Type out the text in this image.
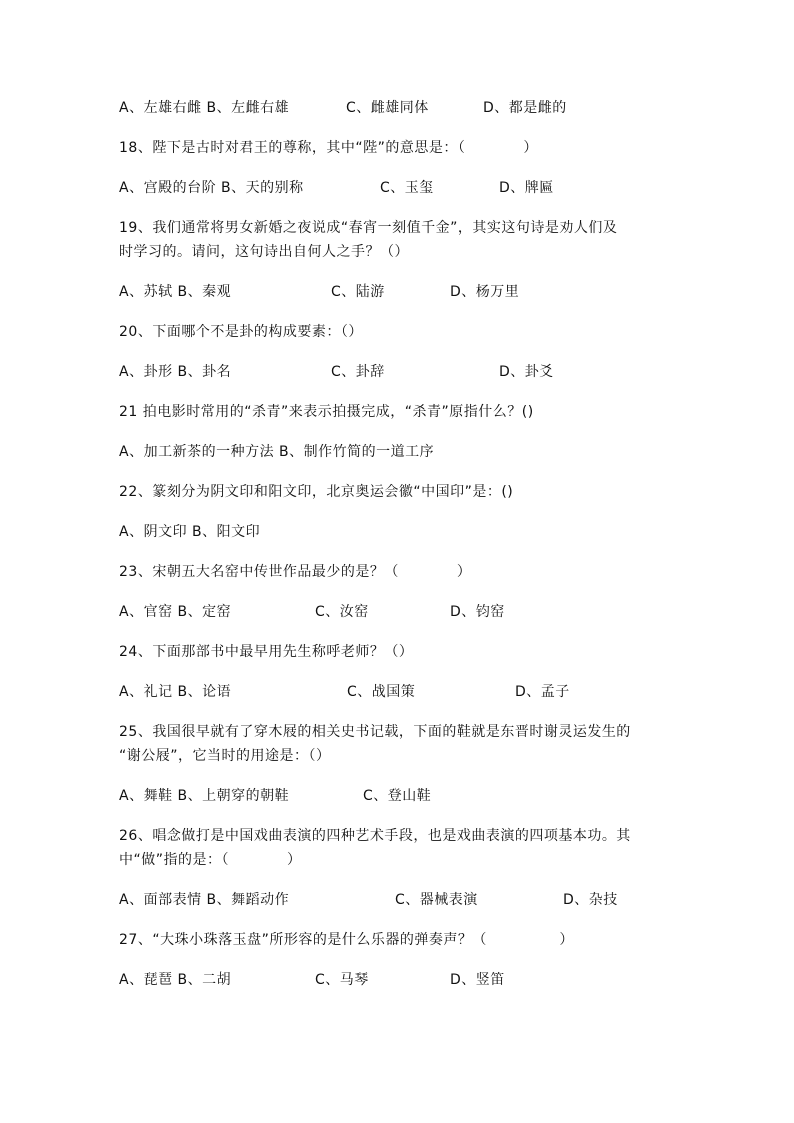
A、左雄右雌 B、左雌右雄	C、雌雄同体	D、都是雌的
18、陛下是古时对君王的尊称，其中“陛”的意思是：（　　　　）
A、宫殿的台阶 B、天的别称	C、玉玺	D、牌匾
19、我们通常将男女新婚之夜说成“春宵一刻值千金”，其实这句诗是劝人们及
时学习的。请问，这句诗出自何人之手？（）
A、苏轼 B、秦观	C、陆游	D、杨万里
20、下面哪个不是卦的构成要素：（）
A、卦形 B、卦名	C、卦辞	D、卦爻
21 拍电影时常用的“杀青”来表示拍摄完成，“杀青”原指什么？()
A、加工新茶的一种方法 B、制作竹简的一道工序
22、篆刻分为阴文印和阳文印，北京奥运会徽“中国印”是：()
A、阴文印 B、阳文印
23、宋朝五大名窑中传世作品最少的是？（　　　　）
A、官窑 B、定窑	C、汝窑	D、钧窑
24、下面那部书中最早用先生称呼老师？（）
A、礼记 B、论语	C、战国策	D、孟子
25、我国很早就有了穿木屐的相关史书记载，下面的鞋就是东晋时谢灵运发生的
“谢公屐”，它当时的用途是：（）
A、舞鞋 B、上朝穿的朝鞋	C、登山鞋
26、唱念做打是中国戏曲表演的四种艺术手段，也是戏曲表演的四项基本功。其
中“做”指的是：（　　　　）
A、面部表情 B、舞蹈动作	C、器械表演	D、杂技
27、“大珠小珠落玉盘”所形容的是什么乐器的弹奏声？（　　　　　）
A、琵琶 B、二胡	C、马琴	D、竖笛
